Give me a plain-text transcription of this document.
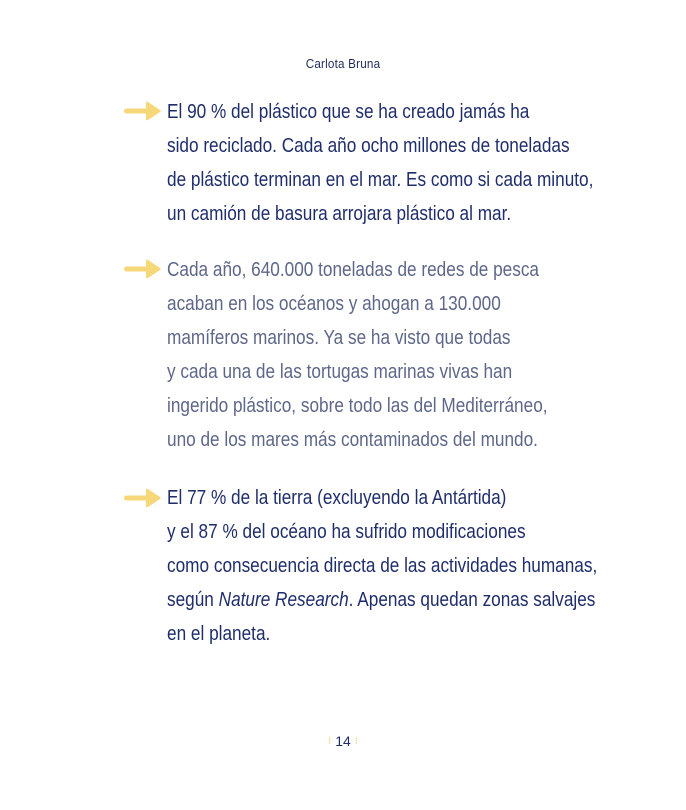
Carlota Bruna
El 90 % del plástico que se ha creado jamás ha
sido reciclado. Cada año ocho millones de toneladas
de plástico terminan en el mar. Es como si cada minuto,
un camión de basura arrojara plástico al mar.
Cada año, 640.000 toneladas de redes de pesca
acaban en los océanos y ahogan a 130.000
mamíferos marinos. Ya se ha visto que todas
y cada una de las tortugas marinas vivas han
ingerido plástico, sobre todo las del Mediterráneo,
uno de los mares más contaminados del mundo.
El 77 % de la tierra (excluyendo la Antártida)
y el 87 % del océano ha sufrido modificaciones
como consecuencia directa de las actividades humanas,
según Nature Research. Apenas quedan zonas salvajes
en el planeta.
⁝ 14 ⁝
